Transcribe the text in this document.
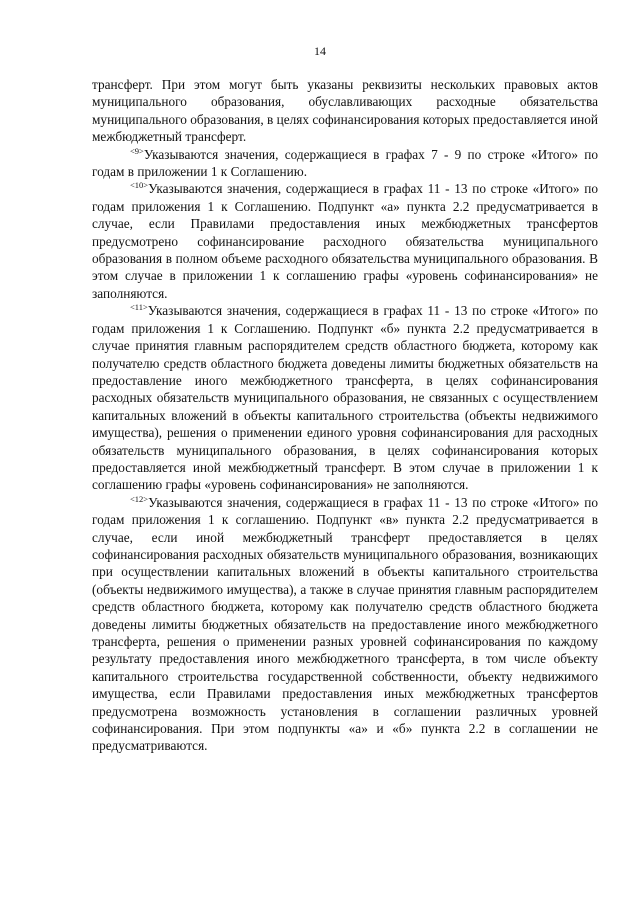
14

трансферт. При этом могут быть указаны реквизиты нескольких правовых актов муниципального образования, обуславливающих расходные обязательства муниципального образования, в целях софинансирования которых предоставляется иной межбюджетный трансферт.

$^{<9>}$Указываются значения, содержащиеся в графах 7 - 9 по строке «Итого» по годам в приложении 1 к Соглашению.

$^{<10>}$Указываются значения, содержащиеся в графах 11 - 13 по строке «Итого» по годам приложения 1 к Соглашению. Подпункт «а» пункта 2.2 предусматривается в случае, если Правилами предоставления иных межбюджетных трансфертов предусмотрено софинансирование расходного обязательства муниципального образования в полном объеме расходного обязательства муниципального образования. В этом случае в приложении 1 к соглашению графы «уровень софинансирования» не заполняются.

$^{<11>}$Указываются значения, содержащиеся в графах 11 - 13 по строке «Итого» по годам приложения 1 к Соглашению. Подпункт «б» пункта 2.2 предусматривается в случае принятия главным распорядителем средств областного бюджета, которому как получателю средств областного бюджета доведены лимиты бюджетных обязательств на предоставление иного межбюджетного трансферта, в целях софинансирования расходных обязательств муниципального образования, не связанных с осуществлением капитальных вложений в объекты капитального строительства (объекты недвижимого имущества), решения о применении единого уровня софинансирования для расходных обязательств муниципального образования, в целях софинансирования которых предоставляется иной межбюджетный трансферт. В этом случае в приложении 1 к соглашению графы «уровень софинансирования» не заполняются.

$^{<12>}$Указываются значения, содержащиеся в графах 11 - 13 по строке «Итого» по годам приложения 1 к соглашению. Подпункт «в» пункта 2.2 предусматривается в случае, если иной межбюджетный трансферт предоставляется в целях софинансирования расходных обязательств муниципального образования, возникающих при осуществлении капитальных вложений в объекты капитального строительства (объекты недвижимого имущества), а также в случае принятия главным распорядителем средств областного бюджета, которому как получателю средств областного бюджета доведены лимиты бюджетных обязательств на предоставление иного межбюджетного трансферта, решения о применении разных уровней софинансирования по каждому результату предоставления иного межбюджетного трансферта, в том числе объекту капитального строительства государственной собственности, объекту недвижимого имущества, если Правилами предоставления иных межбюджетных трансфертов предусмотрена возможность установления в соглашении различных уровней софинансирования. При этом подпункты «а» и «б» пункта 2.2 в соглашении не предусматриваются.
